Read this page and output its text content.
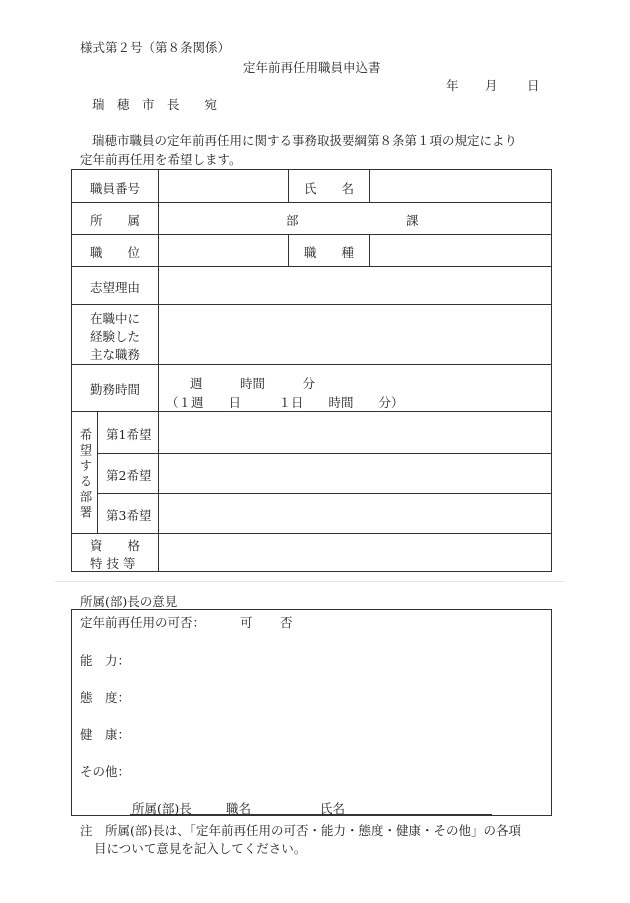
様式第２号（第８条関係）
定年前再任用職員申込書
年 月 日
瑞　穂　市　長　　宛
瑞穂市職員の定年前再任用に関する事務取扱要綱第８条第１項の規定により
定年前再任用を希望します。
職員番号	氏　　名
所　　属	部	課
職　　位	職　　種
志望理由
在職中に
経験した
主な職務
勤務時間	週　　　時間　　　分
（１週　　日　　　１日　　時間　　分）
希望する部署 第1希望
第2希望
第3希望
資　　格
特 技 等
所属(部)長の意見
定年前再任用の可否：	可 否
能　力：
態　度：
健　康：
その他：
所属(部)長	職名	氏名
注　所属(部)長は、「定年前再任用の可否・能力・態度・健康・その他」の各項
目について意見を記入してください。
